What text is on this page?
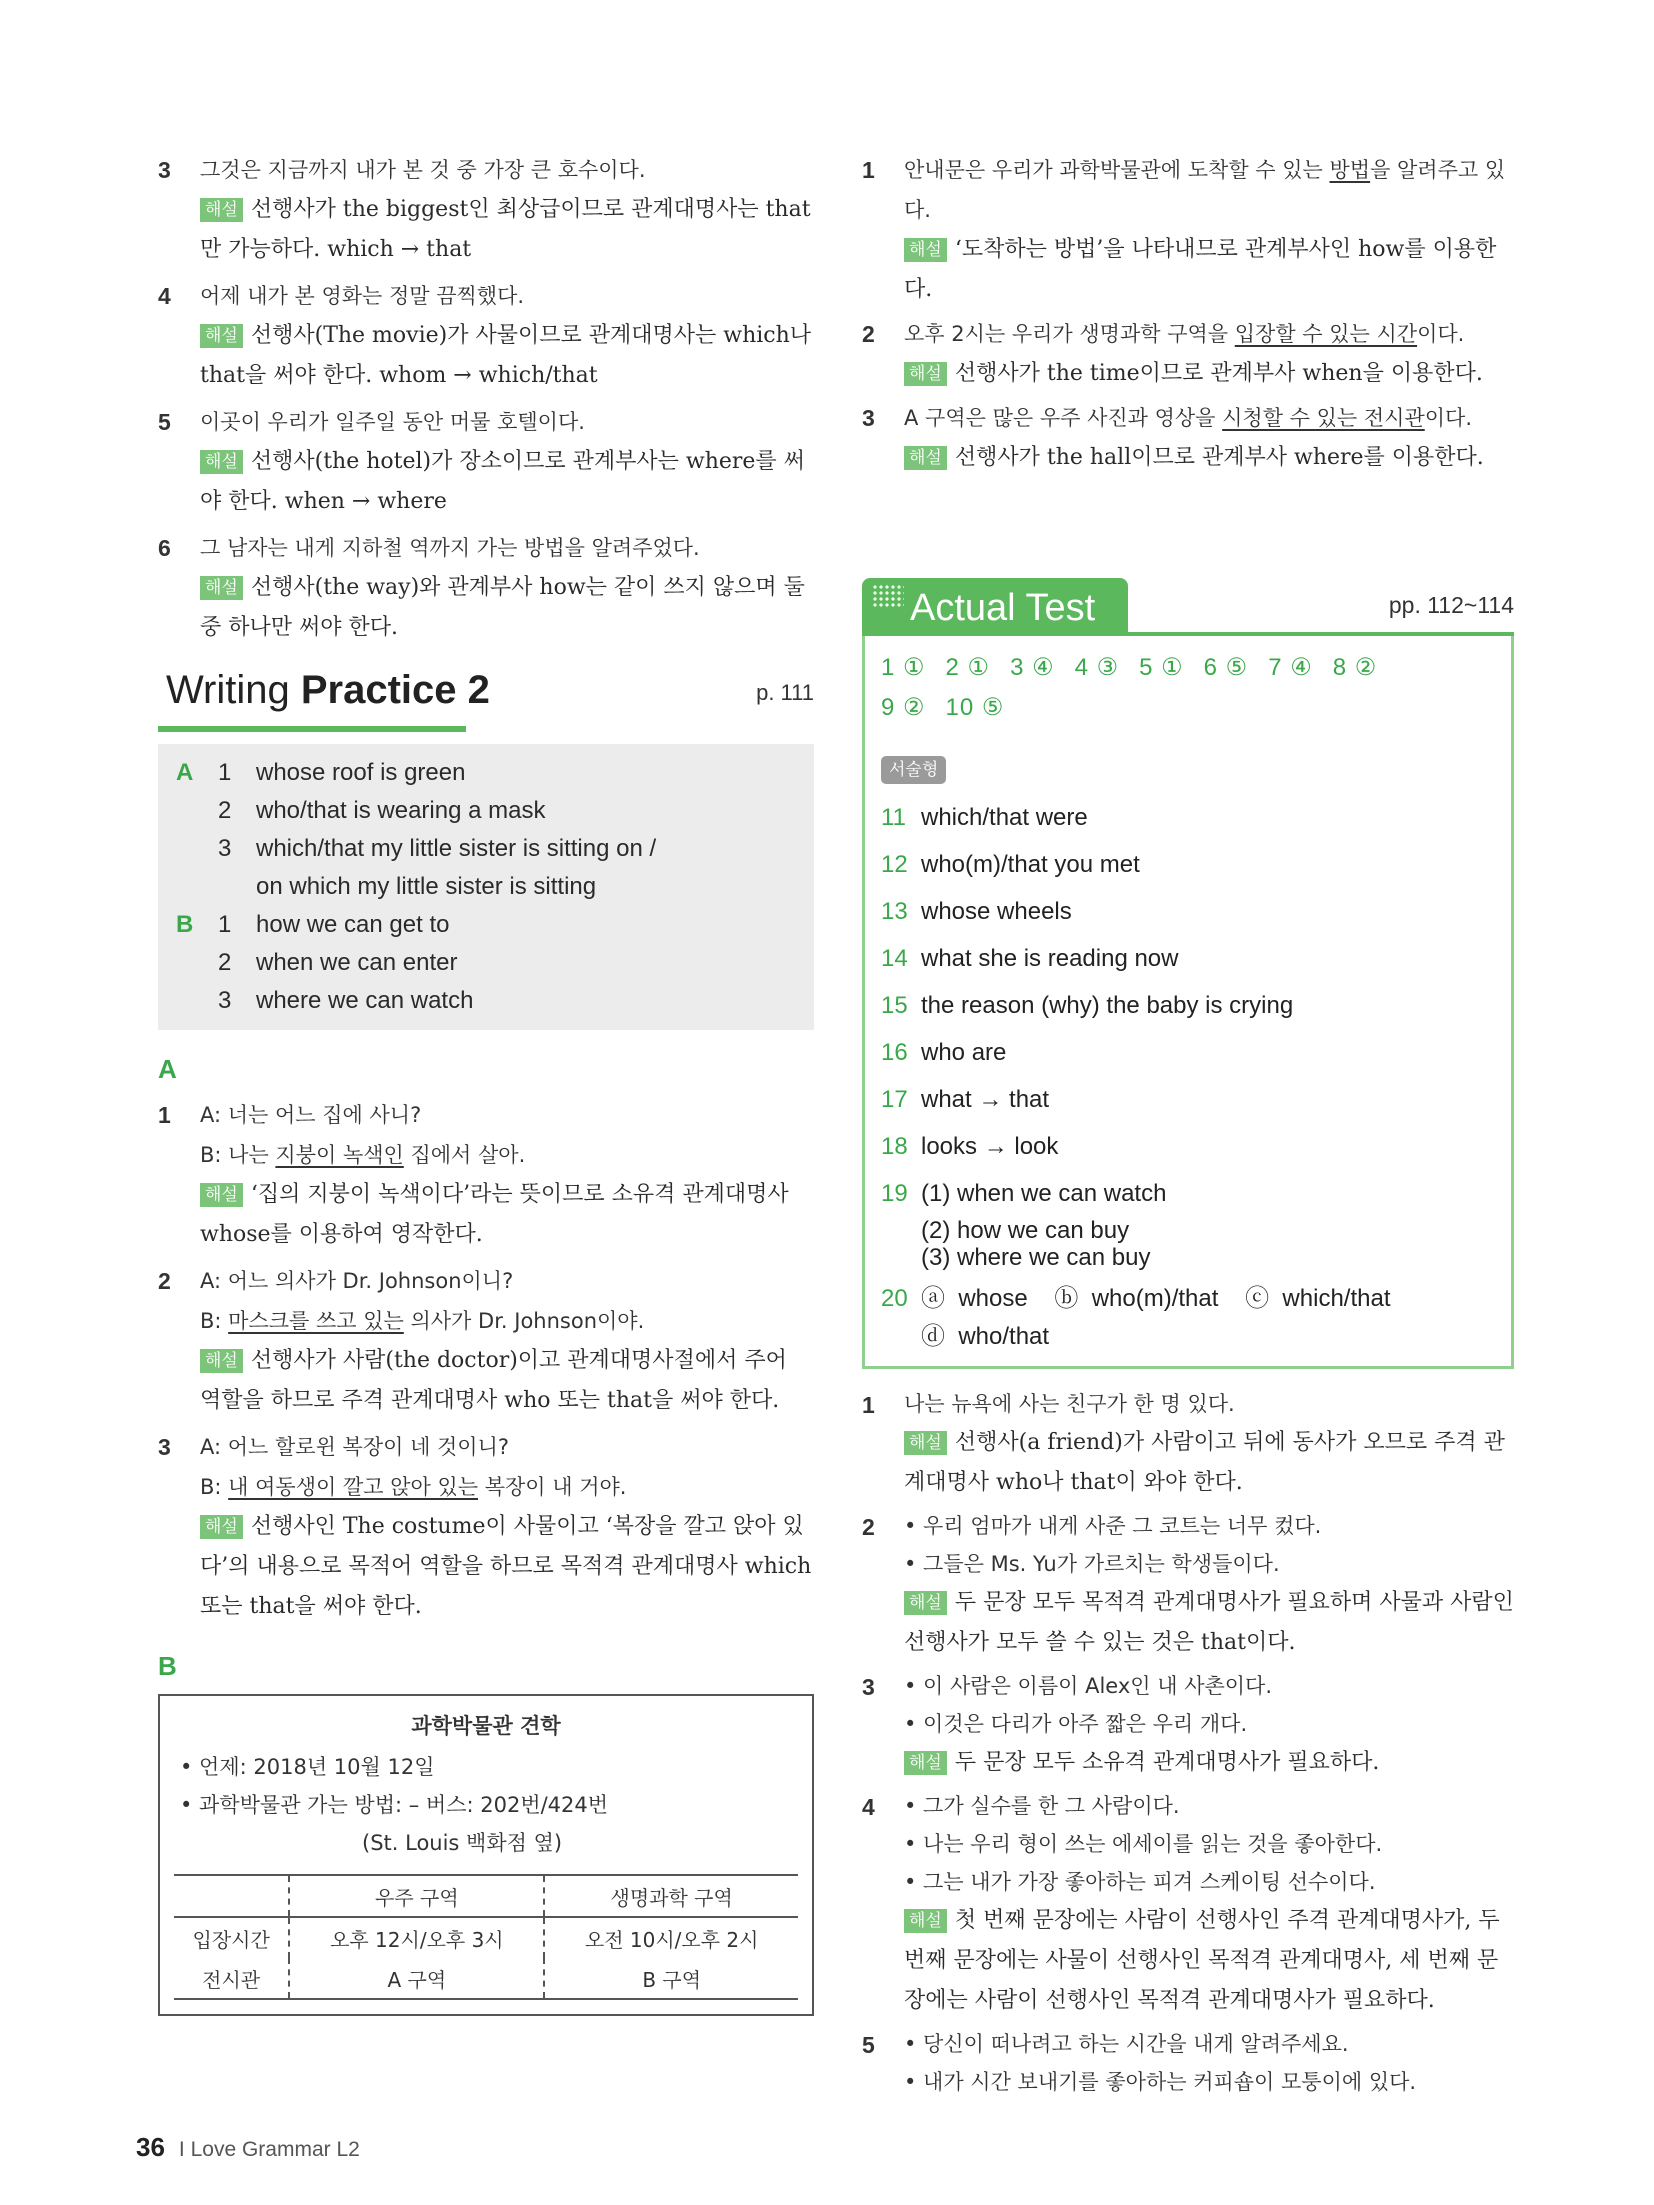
3 그것은 지금까지 내가 본 것 중 가장 큰 호수이다.
해설 선행사가 the biggest인 최상급이므로 관계대명사는 that만 가능하다. which → that
4 어제 내가 본 영화는 정말 끔찍했다.
해설 선행사(The movie)가 사물이므로 관계대명사는 which나 that을 써야 한다. whom → which/that
5 이곳이 우리가 일주일 동안 머물 호텔이다.
해설 선행사(the hotel)가 장소이므로 관계부사는 where를 써야 한다. when → where
6 그 남자는 내게 지하철 역까지 가는 방법을 알려주었다.
해설 선행사(the way)와 관계부사 how는 같이 쓰지 않으며 둘 중 하나만 써야 한다.
Writing Practice 2	p. 111
A 1 whose roof is green
2 who/that is wearing a mask
3 which/that my little sister is sitting on /
on which my little sister is sitting
B 1 how we can get to
2 when we can enter
3 where we can watch
A
1 A: 너는 어느 집에 사니?
B: 나는 지붕이 녹색인 집에서 살아.
해설 ‘집의 지붕이 녹색이다’라는 뜻이므로 소유격 관계대명사 whose를 이용하여 영작한다.
2 A: 어느 의사가 Dr. Johnson이니?
B: 마스크를 쓰고 있는 의사가 Dr. Johnson이야.
해설 선행사가 사람(the doctor)이고 관계대명사절에서 주어 역할을 하므로 주격 관계대명사 who 또는 that을 써야 한다.
3 A: 어느 할로윈 복장이 네 것이니?
B: 내 여동생이 깔고 앉아 있는 복장이 내 거야.
해설 선행사인 The costume이 사물이고 ‘복장을 깔고 앉아 있다’의 내용으로 목적어 역할을 하므로 목적격 관계대명사 which 또는 that을 써야 한다.
B
과학박물관 견학
• 언제: 2018년 10월 12일
• 과학박물관 가는 방법: – 버스: 202번/424번
(St. Louis 백화점 옆)
	우주 구역	생명과학 구역
입장시간	오후 12시/오후 3시	오전 10시/오후 2시
전시관	A 구역	B 구역
1 안내문은 우리가 과학박물관에 도착할 수 있는 방법을 알려주고 있다.
해설 ‘도착하는 방법’을 나타내므로 관계부사인 how를 이용한다.
2 오후 2시는 우리가 생명과학 구역을 입장할 수 있는 시간이다.
해설 선행사가 the time이므로 관계부사 when을 이용한다.
3 A 구역은 많은 우주 사진과 영상을 시청할 수 있는 전시관이다.
해설 선행사가 the hall이므로 관계부사 where를 이용한다.
Actual Test	pp. 112~114
1 ① 2 ① 3 ④ 4 ③ 5 ① 6 ⑤ 7 ④ 8 ②
9 ② 10 ⑤
서술형
11 which/that were
12 who(m)/that you met
13 whose wheels
14 what she is reading now
15 the reason (why) the baby is crying
16 who are
17 what → that
18 looks → look
19 (1) when we can watch
(2) how we can buy
(3) where we can buy
20 ⓐ  whose    ⓑ  who(m)/that    ⓒ  which/that
ⓓ  who/that
1 나는 뉴욕에 사는 친구가 한 명 있다.
해설 선행사(a friend)가 사람이고 뒤에 동사가 오므로 주격 관계대명사 who나 that이 와야 한다.
2 • 우리 엄마가 내게 사준 그 코트는 너무 컸다.
• 그들은 Ms. Yu가 가르치는 학생들이다.
해설 두 문장 모두 목적격 관계대명사가 필요하며 사물과 사람인 선행사가 모두 쓸 수 있는 것은 that이다.
3 • 이 사람은 이름이 Alex인 내 사촌이다.
• 이것은 다리가 아주 짧은 우리 개다.
해설 두 문장 모두 소유격 관계대명사가 필요하다.
4 • 그가 실수를 한 그 사람이다.
• 나는 우리 형이 쓰는 에세이를 읽는 것을 좋아한다.
• 그는 내가 가장 좋아하는 피겨 스케이팅 선수이다.
해설 첫 번째 문장에는 사람이 선행사인 주격 관계대명사가, 두 번째 문장에는 사물이 선행사인 목적격 관계대명사, 세 번째 문장에는 사람이 선행사인 목적격 관계대명사가 필요하다.
5 • 당신이 떠나려고 하는 시간을 내게 알려주세요.
• 내가 시간 보내기를 좋아하는 커피숍이 모퉁이에 있다.
36 I Love Grammar L2
